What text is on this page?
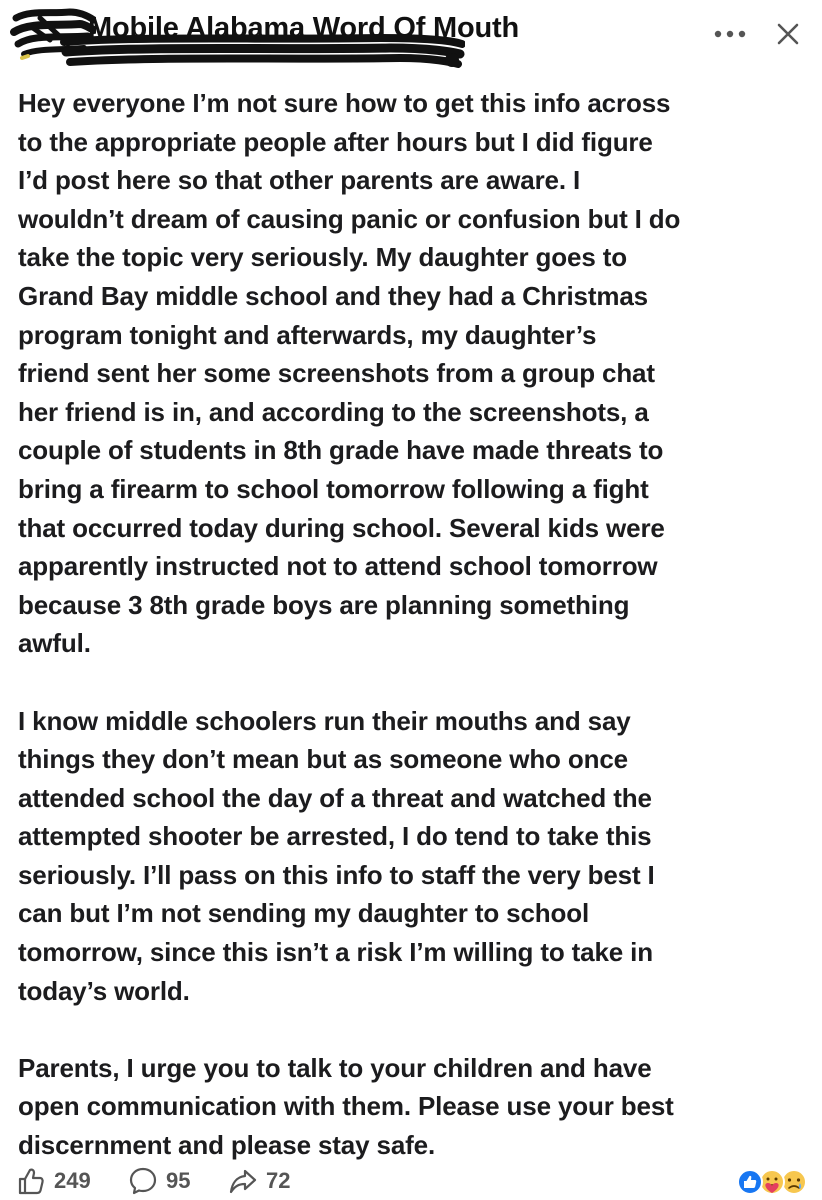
Mobile Alabama Word Of Mouth

Hey everyone I’m not sure how to get this info across
to the appropriate people after hours but I did figure
I’d post here so that other parents are aware. I
wouldn’t dream of causing panic or confusion but I do
take the topic very seriously. My daughter goes to
Grand Bay middle school and they had a Christmas
program tonight and afterwards, my daughter’s
friend sent her some screenshots from a group chat
her friend is in, and according to the screenshots, a
couple of students in 8th grade have made threats to
bring a firearm to school tomorrow following a fight
that occurred today during school. Several kids were
apparently instructed not to attend school tomorrow
because 3 8th grade boys are planning something
awful.

I know middle schoolers run their mouths and say
things they don’t mean but as someone who once
attended school the day of a threat and watched the
attempted shooter be arrested, I do tend to take this
seriously. I’ll pass on this info to staff the very best I
can but I’m not sending my daughter to school
tomorrow, since this isn’t a risk I’m willing to take in
today’s world.

Parents, I urge you to talk to your children and have
open communication with them. Please use your best
discernment and please stay safe.

249	95	72
